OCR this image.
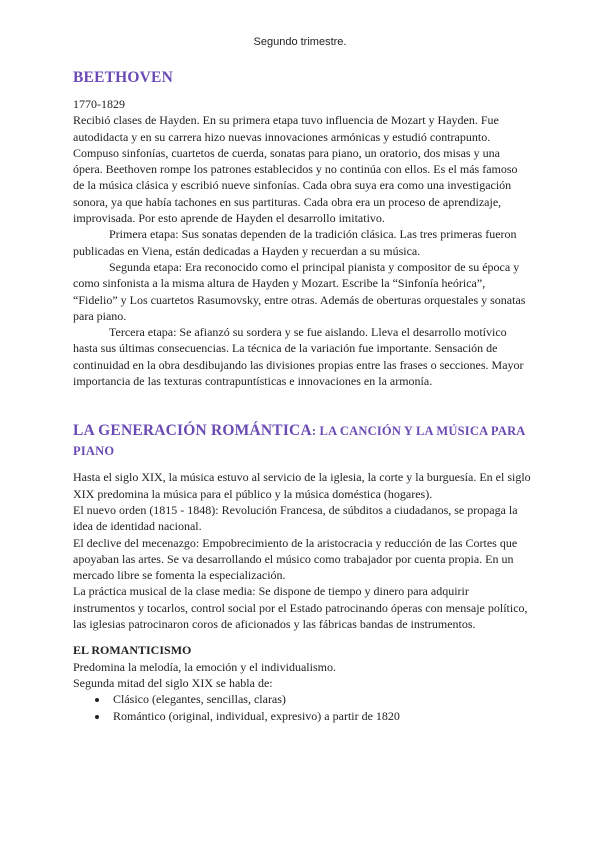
Segundo trimestre.
BEETHOVEN

1770-1829

Recibió clases de Hayden. En su primera etapa tuvo influencia de Mozart y Hayden. Fue autodidacta y en su carrera hizo nuevas innovaciones armónicas y estudió contrapunto. Compuso sinfonías, cuartetos de cuerda, sonatas para piano, un oratorio, dos misas y una ópera. Beethoven rompe los patrones establecidos y no continúa con ellos. Es el más famoso de la música clásica y escribió nueve sinfonías. Cada obra suya era como una investigación sonora, ya que había tachones en sus partituras. Cada obra era un proceso de aprendizaje, improvisada. Por esto aprende de Hayden el desarrollo imitativo.

Primera etapa: Sus sonatas dependen de la tradición clásica. Las tres primeras fueron publicadas en Viena, están dedicadas a Hayden y recuerdan a su música.

Segunda etapa: Era reconocido como el principal pianista y compositor de su época y como sinfonista a la misma altura de Hayden y Mozart. Escribe la “Sinfonía heórica”, “Fidelio” y Los cuartetos Rasumovsky, entre otras. Además de oberturas orquestales y sonatas para piano.

Tercera etapa: Se afianzó su sordera y se fue aislando. Lleva el desarrollo motívico hasta sus últimas consecuencias. La técnica de la variación fue importante. Sensación de continuidad en la obra desdibujando las divisiones propias entre las frases o secciones. Mayor importancia de las texturas contrapuntísticas e innovaciones en la armonía.

LA GENERACIÓN ROMÁNTICA: LA CANCIÓN Y LA MÚSICA PARA PIANO

Hasta el siglo XIX, la música estuvo al servicio de la iglesia, la corte y la burguesía. En el siglo XIX predomina la música para el público y la música doméstica (hogares).

El nuevo orden (1815 - 1848): Revolución Francesa, de súbditos a ciudadanos, se propaga la idea de identidad nacional.

El declive del mecenazgo: Empobrecimiento de la aristocracia y reducción de las Cortes que apoyaban las artes. Se va desarrollando el músico como trabajador por cuenta propia. En un mercado libre se fomenta la especialización.

La práctica musical de la clase media: Se dispone de tiempo y dinero para adquirir instrumentos y tocarlos, control social por el Estado patrocinando óperas con mensaje político, las iglesias patrocinaron coros de aficionados y las fábricas bandas de instrumentos.

EL ROMANTICISMO

Predomina la melodía, la emoción y el individualismo.

Segunda mitad del siglo XIX se habla de:

• Clásico (elegantes, sencillas, claras)
• Romántico (original, individual, expresivo) a partir de 1820
